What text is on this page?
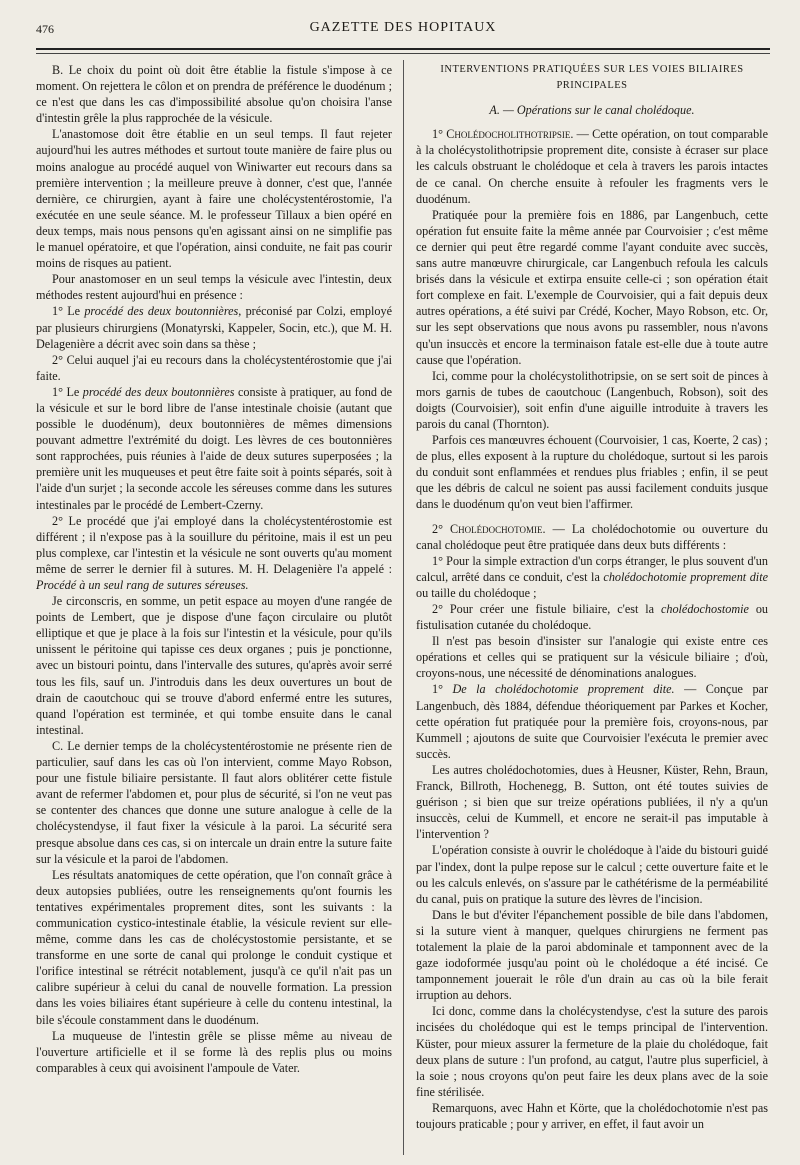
476	GAZETTE DES HOPITAUX

B. Le choix du point où doit être établie la fistule s'impose à ce moment. On rejettera le côlon et on prendra de préférence le duodénum ; ce n'est que dans les cas d'impossibilité absolue qu'on choisira l'anse d'intestin grêle la plus rapprochée de la vésicule.

L'anastomose doit être établie en un seul temps. Il faut rejeter aujourd'hui les autres méthodes et surtout toute manière de faire plus ou moins analogue au procédé auquel von Winiwarter eut recours dans sa première intervention ; la meilleure preuve à donner, c'est que, l'année dernière, ce chirurgien, ayant à faire une cholécystentérostomie, l'a exécutée en une seule séance. M. le professeur Tillaux a bien opéré en deux temps, mais nous pensons qu'en agissant ainsi on ne simplifie pas le manuel opératoire, et que l'opération, ainsi conduite, ne fait pas courir moins de risques au patient.

Pour anastomoser en un seul temps la vésicule avec l'intestin, deux méthodes restent aujourd'hui en présence :

1° Le procédé des deux boutonnières, préconisé par Colzi, employé par plusieurs chirurgiens (Monatyrski, Kappeler, Socin, etc.), que M. H. Delagenière a décrit avec soin dans sa thèse ;

2° Celui auquel j'ai eu recours dans la cholécystentérostomie que j'ai faite.

1° Le procédé des deux boutonnières consiste à pratiquer, au fond de la vésicule et sur le bord libre de l'anse intestinale choisie (autant que possible le duodénum), deux boutonnières de mêmes dimensions pouvant admettre l'extrémité du doigt. Les lèvres de ces boutonnières sont rapprochées, puis réunies à l'aide de deux sutures superposées ; la première unit les muqueuses et peut être faite soit à points séparés, soit à l'aide d'un surjet ; la seconde accole les séreuses comme dans les sutures intestinales par le procédé de Lembert-Czerny.

2° Le procédé que j'ai employé dans la cholécystentérostomie est différent ; il n'expose pas à la souillure du péritoine, mais il est un peu plus complexe, car l'intestin et la vésicule ne sont ouverts qu'au moment même de serrer le dernier fil à sutures. M. H. Delagenière l'a appelé : Procédé à un seul rang de sutures séreuses.

Je circonscris, en somme, un petit espace au moyen d'une rangée de points de Lembert, que je dispose d'une façon circulaire ou plutôt elliptique et que je place à la fois sur l'intestin et la vésicule, pour qu'ils unissent le péritoine qui tapisse ces deux organes ; puis je ponctionne, avec un bistouri pointu, dans l'intervalle des sutures, qu'après avoir serré tous les fils, sauf un. J'introduis dans les deux ouvertures un bout de drain de caoutchouc qui se trouve d'abord enfermé entre les sutures, quand l'opération est terminée, et qui tombe ensuite dans le canal intestinal.

C. Le dernier temps de la cholécystentérostomie ne présente rien de particulier, sauf dans les cas où l'on intervient, comme Mayo Robson, pour une fistule biliaire persistante. Il faut alors oblitérer cette fistule avant de refermer l'abdomen et, pour plus de sécurité, si l'on ne veut pas se contenter des chances que donne une suture analogue à celle de la cholécystendyse, il faut fixer la vésicule à la paroi. La sécurité sera presque absolue dans ces cas, si on intercale un drain entre la suture faite sur la vésicule et la paroi de l'abdomen.

Les résultats anatomiques de cette opération, que l'on connaît grâce à deux autopsies publiées, outre les renseignements qu'ont fournis les tentatives expérimentales proprement dites, sont les suivants : la communication cystico-intestinale établie, la vésicule revient sur elle-même, comme dans les cas de cholécystostomie persistante, et se transforme en une sorte de canal qui prolonge le conduit cystique et l'orifice intestinal se rétrécit notablement, jusqu'à ce qu'il n'ait pas un calibre supérieur à celui du canal de nouvelle formation. La pression dans les voies biliaires étant supérieure à celle du contenu intestinal, la bile s'écoule constamment dans le duodénum.

La muqueuse de l'intestin grêle se plisse même au niveau de l'ouverture artificielle et il se forme là des replis plus ou moins comparables à ceux qui avoisinent l'ampoule de Vater.

INTERVENTIONS PRATIQUÉES SUR LES VOIES BILIAIRES PRINCIPALES

A. — Opérations sur le canal cholédoque.

1° Cholédocholithotripsie. — Cette opération, on tout comparable à la cholécystolithotripsie proprement dite, consiste à écraser sur place les calculs obstruant le cholédoque et cela à travers les parois intactes de ce canal. On cherche ensuite à refouler les fragments vers le duodénum.

Pratiquée pour la première fois en 1886, par Langenbuch, cette opération fut ensuite faite la même année par Courvoisier ; c'est même ce dernier qui peut être regardé comme l'ayant conduite avec succès, sans autre manœuvre chirurgicale, car Langenbuch refoula les calculs brisés dans la vésicule et extirpa ensuite celle-ci ; son opération était fort complexe en fait. L'exemple de Courvoisier, qui a fait depuis deux autres opérations, a été suivi par Crédé, Kocher, Mayo Robson, etc. Or, sur les sept observations que nous avons pu rassembler, nous n'avons qu'un insuccès et encore la terminaison fatale est-elle due à toute autre cause que l'opération.

Ici, comme pour la cholécystolithotripsie, on se sert soit de pinces à mors garnis de tubes de caoutchouc (Langenbuch, Robson), soit des doigts (Courvoisier), soit enfin d'une aiguille introduite à travers les parois du canal (Thornton).

Parfois ces manœuvres échouent (Courvoisier, 1 cas, Koerte, 2 cas) ; de plus, elles exposent à la rupture du cholédoque, surtout si les parois du conduit sont enflammées et rendues plus friables ; enfin, il se peut que les débris de calcul ne soient pas aussi facilement conduits jusque dans le duodénum qu'on veut bien l'affirmer.

2° Cholédochotomie. — La cholédochotomie ou ouverture du canal cholédoque peut être pratiquée dans deux buts différents :

1° Pour la simple extraction d'un corps étranger, le plus souvent d'un calcul, arrêté dans ce conduit, c'est la cholédochotomie proprement dite ou taille du cholédoque ;

2° Pour créer une fistule biliaire, c'est la cholédochostomie ou fistulisation cutanée du cholédoque.

Il n'est pas besoin d'insister sur l'analogie qui existe entre ces opérations et celles qui se pratiquent sur la vésicule biliaire ; d'où, croyons-nous, une nécessité de dénominations analogues.

1° De la cholédochotomie proprement dite. — Conçue par Langenbuch, dès 1884, défendue théoriquement par Parkes et Kocher, cette opération fut pratiquée pour la première fois, croyons-nous, par Kummell ; ajoutons de suite que Courvoisier l'exécuta le premier avec succès.

Les autres cholédochotomies, dues à Heusner, Küster, Rehn, Braun, Franck, Billroth, Hochenegg, B. Sutton, ont été toutes suivies de guérison ; si bien que sur treize opérations publiées, il n'y a qu'un insuccès, celui de Kummell, et encore ne serait-il pas imputable à l'intervention ?

L'opération consiste à ouvrir le cholédoque à l'aide du bistouri guidé par l'index, dont la pulpe repose sur le calcul ; cette ouverture faite et le ou les calculs enlevés, on s'assure par le cathétérisme de la perméabilité du canal, puis on pratique la suture des lèvres de l'incision.

Dans le but d'éviter l'épanchement possible de bile dans l'abdomen, si la suture vient à manquer, quelques chirurgiens ne ferment pas totalement la plaie de la paroi abdominale et tamponnent avec de la gaze iodoformée jusqu'au point où le cholédoque a été incisé. Ce tamponnement jouerait le rôle d'un drain au cas où la bile ferait irruption au dehors.

Ici donc, comme dans la cholécystendyse, c'est la suture des parois incisées du cholédoque qui est le temps principal de l'intervention. Küster, pour mieux assurer la fermeture de la plaie du cholédoque, fait deux plans de suture : l'un profond, au catgut, l'autre plus superficiel, à la soie ; nous croyons qu'on peut faire les deux plans avec de la soie fine stérilisée.

Remarquons, avec Hahn et Körte, que la cholédochotomie n'est pas toujours praticable ; pour y arriver, en effet, il faut avoir un
